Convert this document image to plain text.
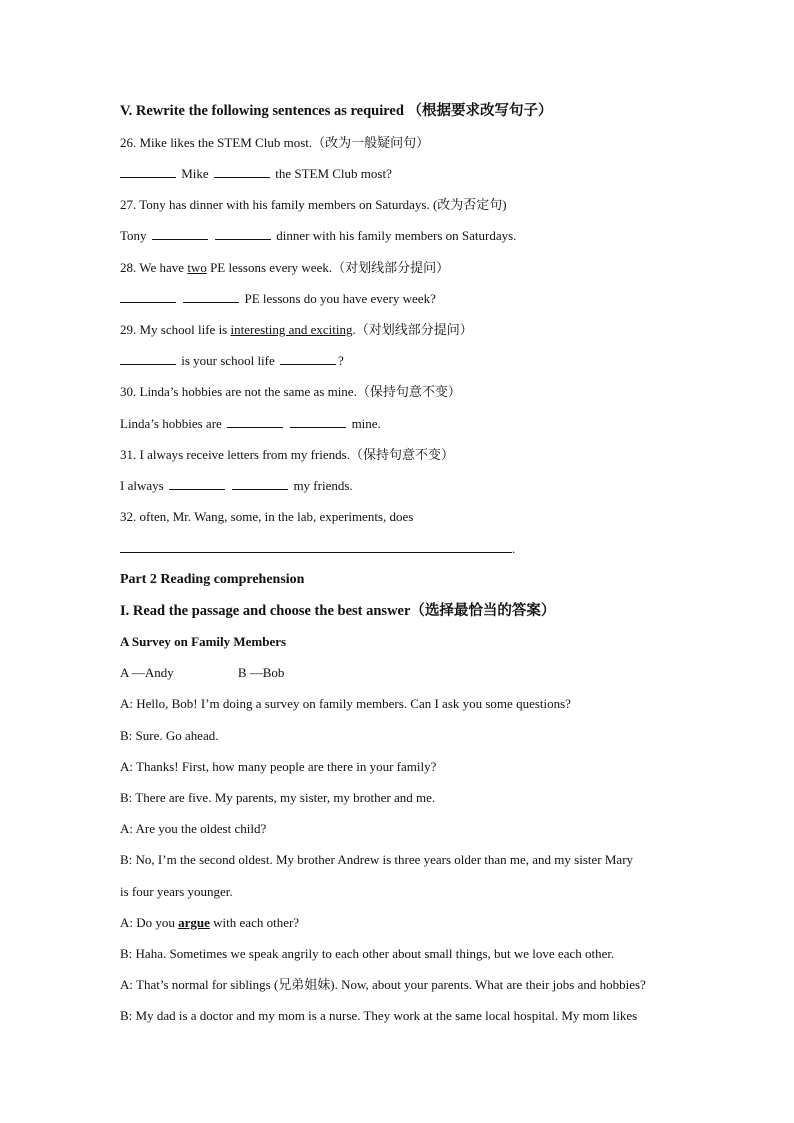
V. Rewrite the following sentences as required （根据要求改写句子）
26. Mike likes the STEM Club most.（改为一般疑问句）
Mike	the STEM Club most?
27. Tony has dinner with his family members on Saturdays. (改为否定句)
Tony	dinner with his family members on Saturdays.
28. We have two PE lessons every week.（对划线部分提问）
PE lessons do you have every week?
29. My school life is interesting and exciting.（对划线部分提问）
is your school life	?
30. Linda’s hobbies are not the same as mine.（保持句意不变）
Linda’s hobbies are	mine.
31. I always receive letters from my friends.（保持句意不变）
I always	my friends.
32. often, Mr. Wang, some, in the lab, experiments, does
.
Part 2 Reading comprehension
I. Read the passage and choose the best answer（选择最恰当的答案）
A Survey on Family Members
A —Andy	B —Bob
A: Hello, Bob! I’m doing a survey on family members. Can I ask you some questions?
B: Sure. Go ahead.
A: Thanks! First, how many people are there in your family?
B: There are five. My parents, my sister, my brother and me.
A: Are you the oldest child?
B: No, I’m the second oldest. My brother Andrew is three years older than me, and my sister Mary
is four years younger.
A: Do you argue with each other?
B: Haha. Sometimes we speak angrily to each other about small things, but we love each other.
A: That’s normal for siblings (兄弟姐妹). Now, about your parents. What are their jobs and hobbies?
B: My dad is a doctor and my mom is a nurse. They work at the same local hospital. My mom likes
